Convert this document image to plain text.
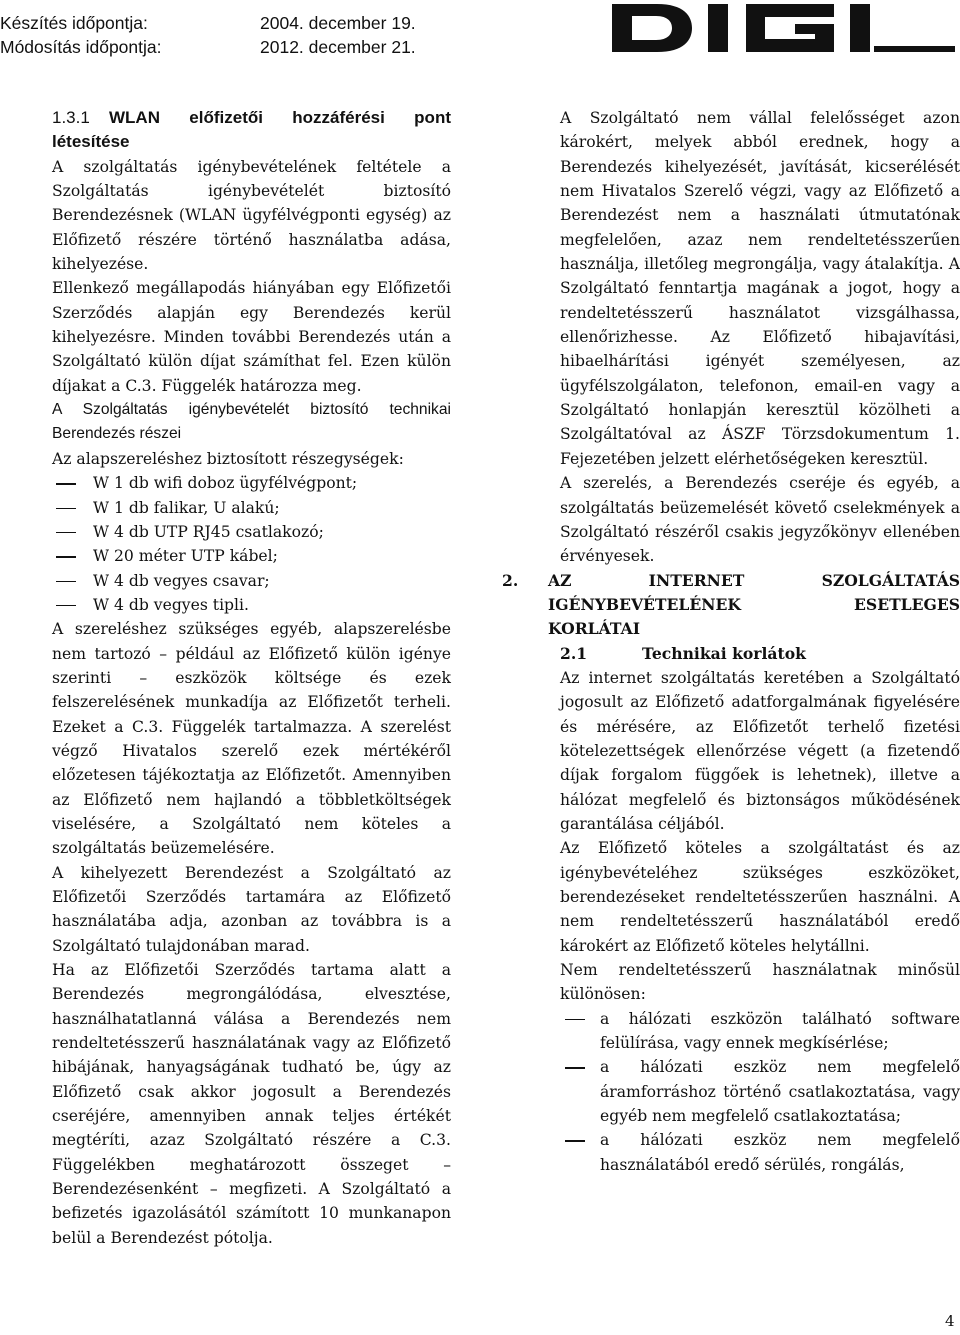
Készítés időpontja:	2004. december 19.
Módosítás időpontja:	2012. december 21.

1.3.1 WLAN előfizetői hozzáférési pont létesítése

A szolgáltatás igénybevételének feltétele a Szolgáltatás igénybevételét biztosító Berendezésnek (WLAN ügyfélvégponti egység) az Előfizető részére történő használatba adása, kihelyezése.

Ellenkező megállapodás hiányában egy Előfizetői Szerződés alapján egy Berendezés kerül kihelyezésre. Minden további Berendezés után a Szolgáltató külön díjat számíthat fel. Ezen külön díjakat a C.3. Függelék határozza meg.

A Szolgáltatás igénybevételét biztosító technikai Berendezés részei

Az alapszereléshez biztosított részegységek:

W 1 db wifi doboz ügyfélvégpont;

W 1 db falikar, U alakú;

W 4 db UTP RJ45 csatlakozó;

W 20 méter UTP kábel;

W 4 db vegyes csavar;

W 4 db vegyes tipli.

A szereléshez szükséges egyéb, alapszerelésbe nem tartozó – például az Előfizető külön igénye szerinti – eszközök költsége és ezek felszerelésének munkadíja az Előfizetőt terheli. Ezeket a C.3. Függelék tartalmazza. A szerelést végző Hivatalos szerelő ezek mértékéről előzetesen tájékoztatja az Előfizetőt. Amennyiben az Előfizető nem hajlandó a többletköltségek viselésére, a Szolgáltató nem köteles a szolgáltatás beüzemelésére.

A kihelyezett Berendezést a Szolgáltató az Előfizetői Szerződés tartamára az Előfizető használatába adja, azonban az továbbra is a Szolgáltató tulajdonában marad.

Ha az Előfizetői Szerződés tartama alatt a Berendezés megrongálódása, elvesztése, használhatatlanná válása a Berendezés nem rendeltetésszerű használatának vagy az Előfizető hibájának, hanyagságának tudható be, úgy az Előfizető csak akkor jogosult a Berendezés cseréjére, amennyiben annak teljes értékét megtéríti, azaz Szolgáltató részére a C.3. Függelékben meghatározott összeget – Berendezésenként – megfizeti. A Szolgáltató a befizetés igazolásától számított 10 munkanapon belül a Berendezést pótolja.

A Szolgáltató nem vállal felelősséget azon károkért, melyek abból erednek, hogy a Berendezés kihelyezését, javítását, kicserélését nem Hivatalos Szerelő végzi, vagy az Előfizető a Berendezést nem a használati útmutatónak megfelelően, azaz nem rendeltetésszerűen használja, illetőleg megrongálja, vagy átalakítja. A Szolgáltató fenntartja magának a jogot, hogy a rendeltetésszerű használatot vizsgálhassa, ellenőrizhesse. Az Előfizető hibajavítási, hibaelhárítási igényét személyesen, az ügyfélszolgálaton, telefonon, email-en vagy a Szolgáltató honlapján keresztül közölheti a Szolgáltatóval az ÁSZF Törzsdokumentum 1. Fejezetében jelzett elérhetőségeken keresztül.

A szerelés, a Berendezés cseréje és egyéb, a szolgáltatás beüzemelését követő cselekmények a Szolgáltató részéről csakis jegyzőkönyv ellenében érvényesek.

2. AZ	INTERNET	SZOLGÁLTATÁS
IGÉNYBEVÉTELÉNEK	ESETLEGES
KORLÁTAI

2.1	Technikai korlátok

Az internet szolgáltatás keretében a Szolgáltató jogosult az Előfizető adatforgalmának figyelésére és mérésére, az Előfizetőt terhelő fizetési kötelezettségek ellenőrzése végett (a fizetendő díjak forgalom függőek is lehetnek), illetve a hálózat megfelelő és biztonságos működésének garantálása céljából.

Az Előfizető köteles a szolgáltatást és az igénybevételéhez szükséges eszközöket, berendezéseket rendeltetésszerűen használni. A nem rendeltetésszerű használatából eredő károkért az Előfizető köteles helytállni.

Nem rendeltetésszerű használatnak minősül különösen:

a hálózati eszközön található software felülírása, vagy ennek megkísérlése;

a hálózati eszköz nem megfelelő áramforráshoz történő csatlakoztatása, vagy egyéb nem megfelelő csatlakoztatása;

a hálózati eszköz nem megfelelő használatából eredő sérülés, rongálás,

4
